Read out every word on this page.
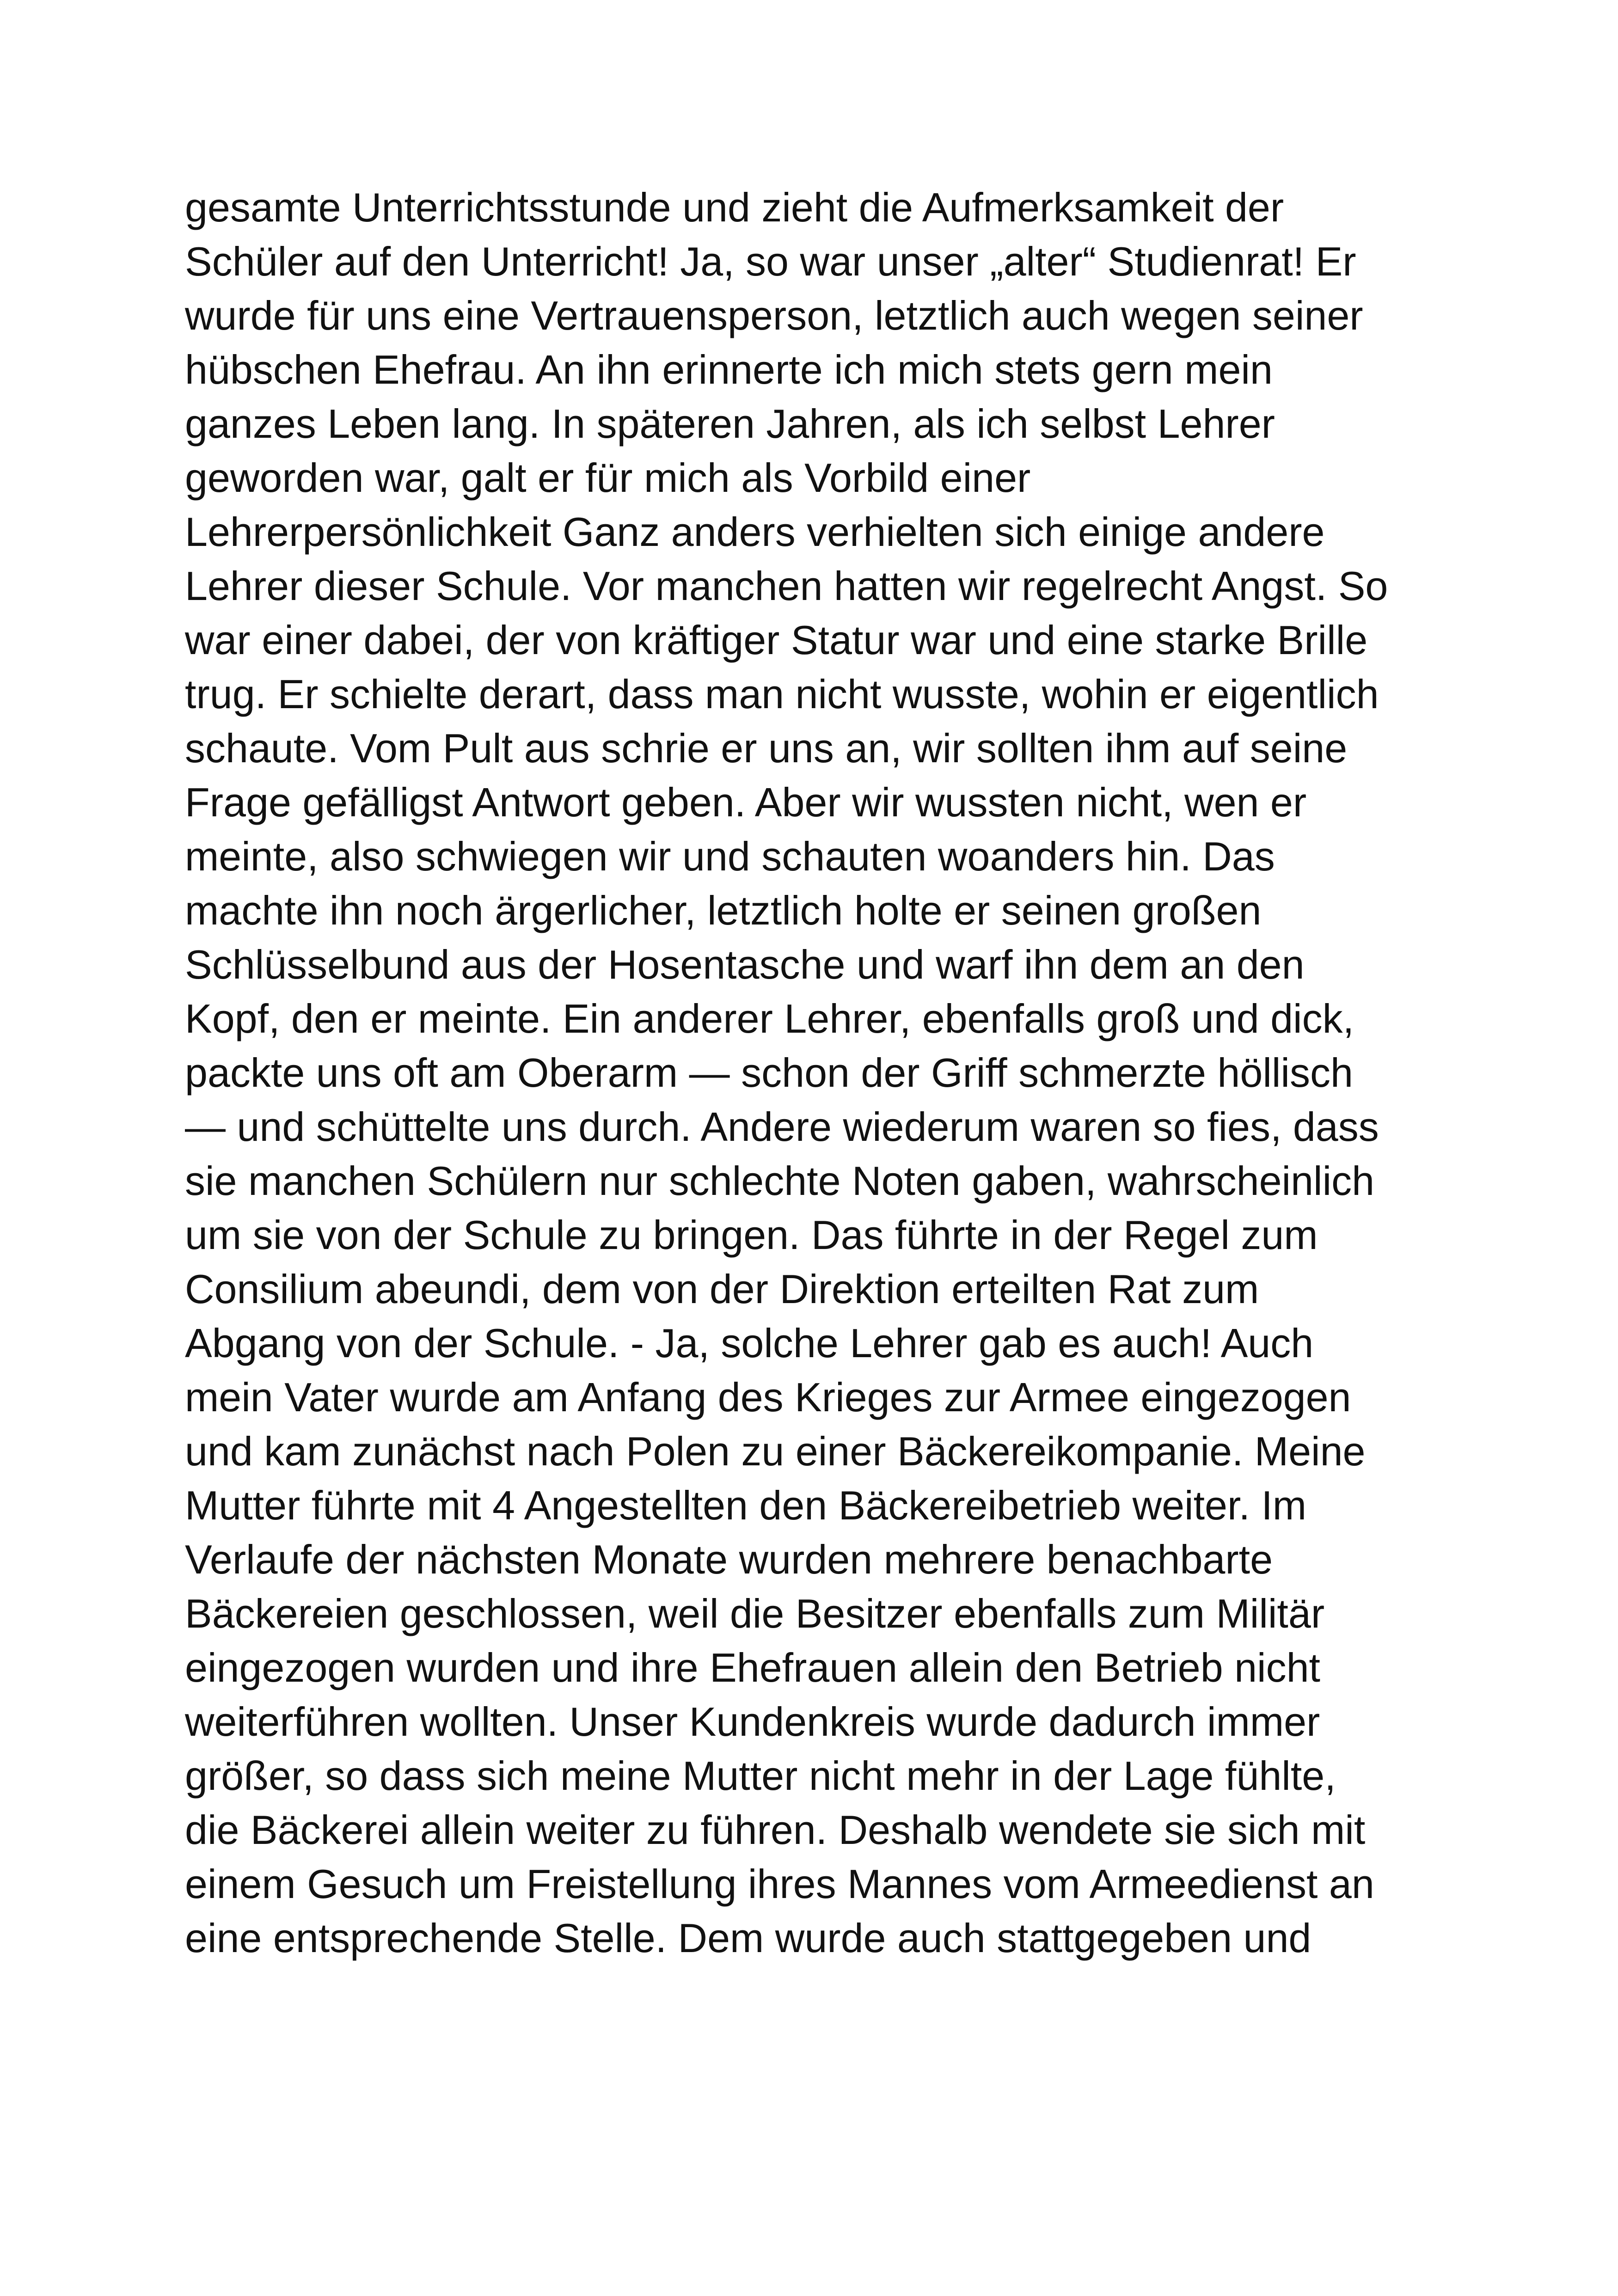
gesamte Unterrichtsstunde und zieht die Aufmerksamkeit der
Schüler auf den Unterricht! Ja, so war unser „alter“ Studienrat! Er
wurde für uns eine Vertrauensperson, letztlich auch wegen seiner
hübschen Ehefrau. An ihn erinnerte ich mich stets gern mein
ganzes Leben lang. In späteren Jahren, als ich selbst Lehrer
geworden war, galt er für mich als Vorbild einer
Lehrerpersönlichkeit Ganz anders verhielten sich einige andere
Lehrer dieser Schule. Vor manchen hatten wir regelrecht Angst. So
war einer dabei, der von kräftiger Statur war und eine starke Brille
trug. Er schielte derart, dass man nicht wusste, wohin er eigentlich
schaute. Vom Pult aus schrie er uns an, wir sollten ihm auf seine
Frage gefälligst Antwort geben. Aber wir wussten nicht, wen er
meinte, also schwiegen wir und schauten woanders hin. Das
machte ihn noch ärgerlicher, letztlich holte er seinen großen
Schlüsselbund aus der Hosentasche und warf ihn dem an den
Kopf, den er meinte. Ein anderer Lehrer, ebenfalls groß und dick,
packte uns oft am Oberarm — schon der Griff schmerzte höllisch
— und schüttelte uns durch. Andere wiederum waren so fies, dass
sie manchen Schülern nur schlechte Noten gaben, wahrscheinlich
um sie von der Schule zu bringen. Das führte in der Regel zum
Consilium abeundi, dem von der Direktion erteilten Rat zum
Abgang von der Schule. - Ja, solche Lehrer gab es auch! Auch
mein Vater wurde am Anfang des Krieges zur Armee eingezogen
und kam zunächst nach Polen zu einer Bäckereikompanie. Meine
Mutter führte mit 4 Angestellten den Bäckereibetrieb weiter. Im
Verlaufe der nächsten Monate wurden mehrere benachbarte
Bäckereien geschlossen, weil die Besitzer ebenfalls zum Militär
eingezogen wurden und ihre Ehefrauen allein den Betrieb nicht
weiterführen wollten. Unser Kundenkreis wurde dadurch immer
größer, so dass sich meine Mutter nicht mehr in der Lage fühlte,
die Bäckerei allein weiter zu führen. Deshalb wendete sie sich mit
einem Gesuch um Freistellung ihres Mannes vom Armeedienst an
eine entsprechende Stelle. Dem wurde auch stattgegeben und
